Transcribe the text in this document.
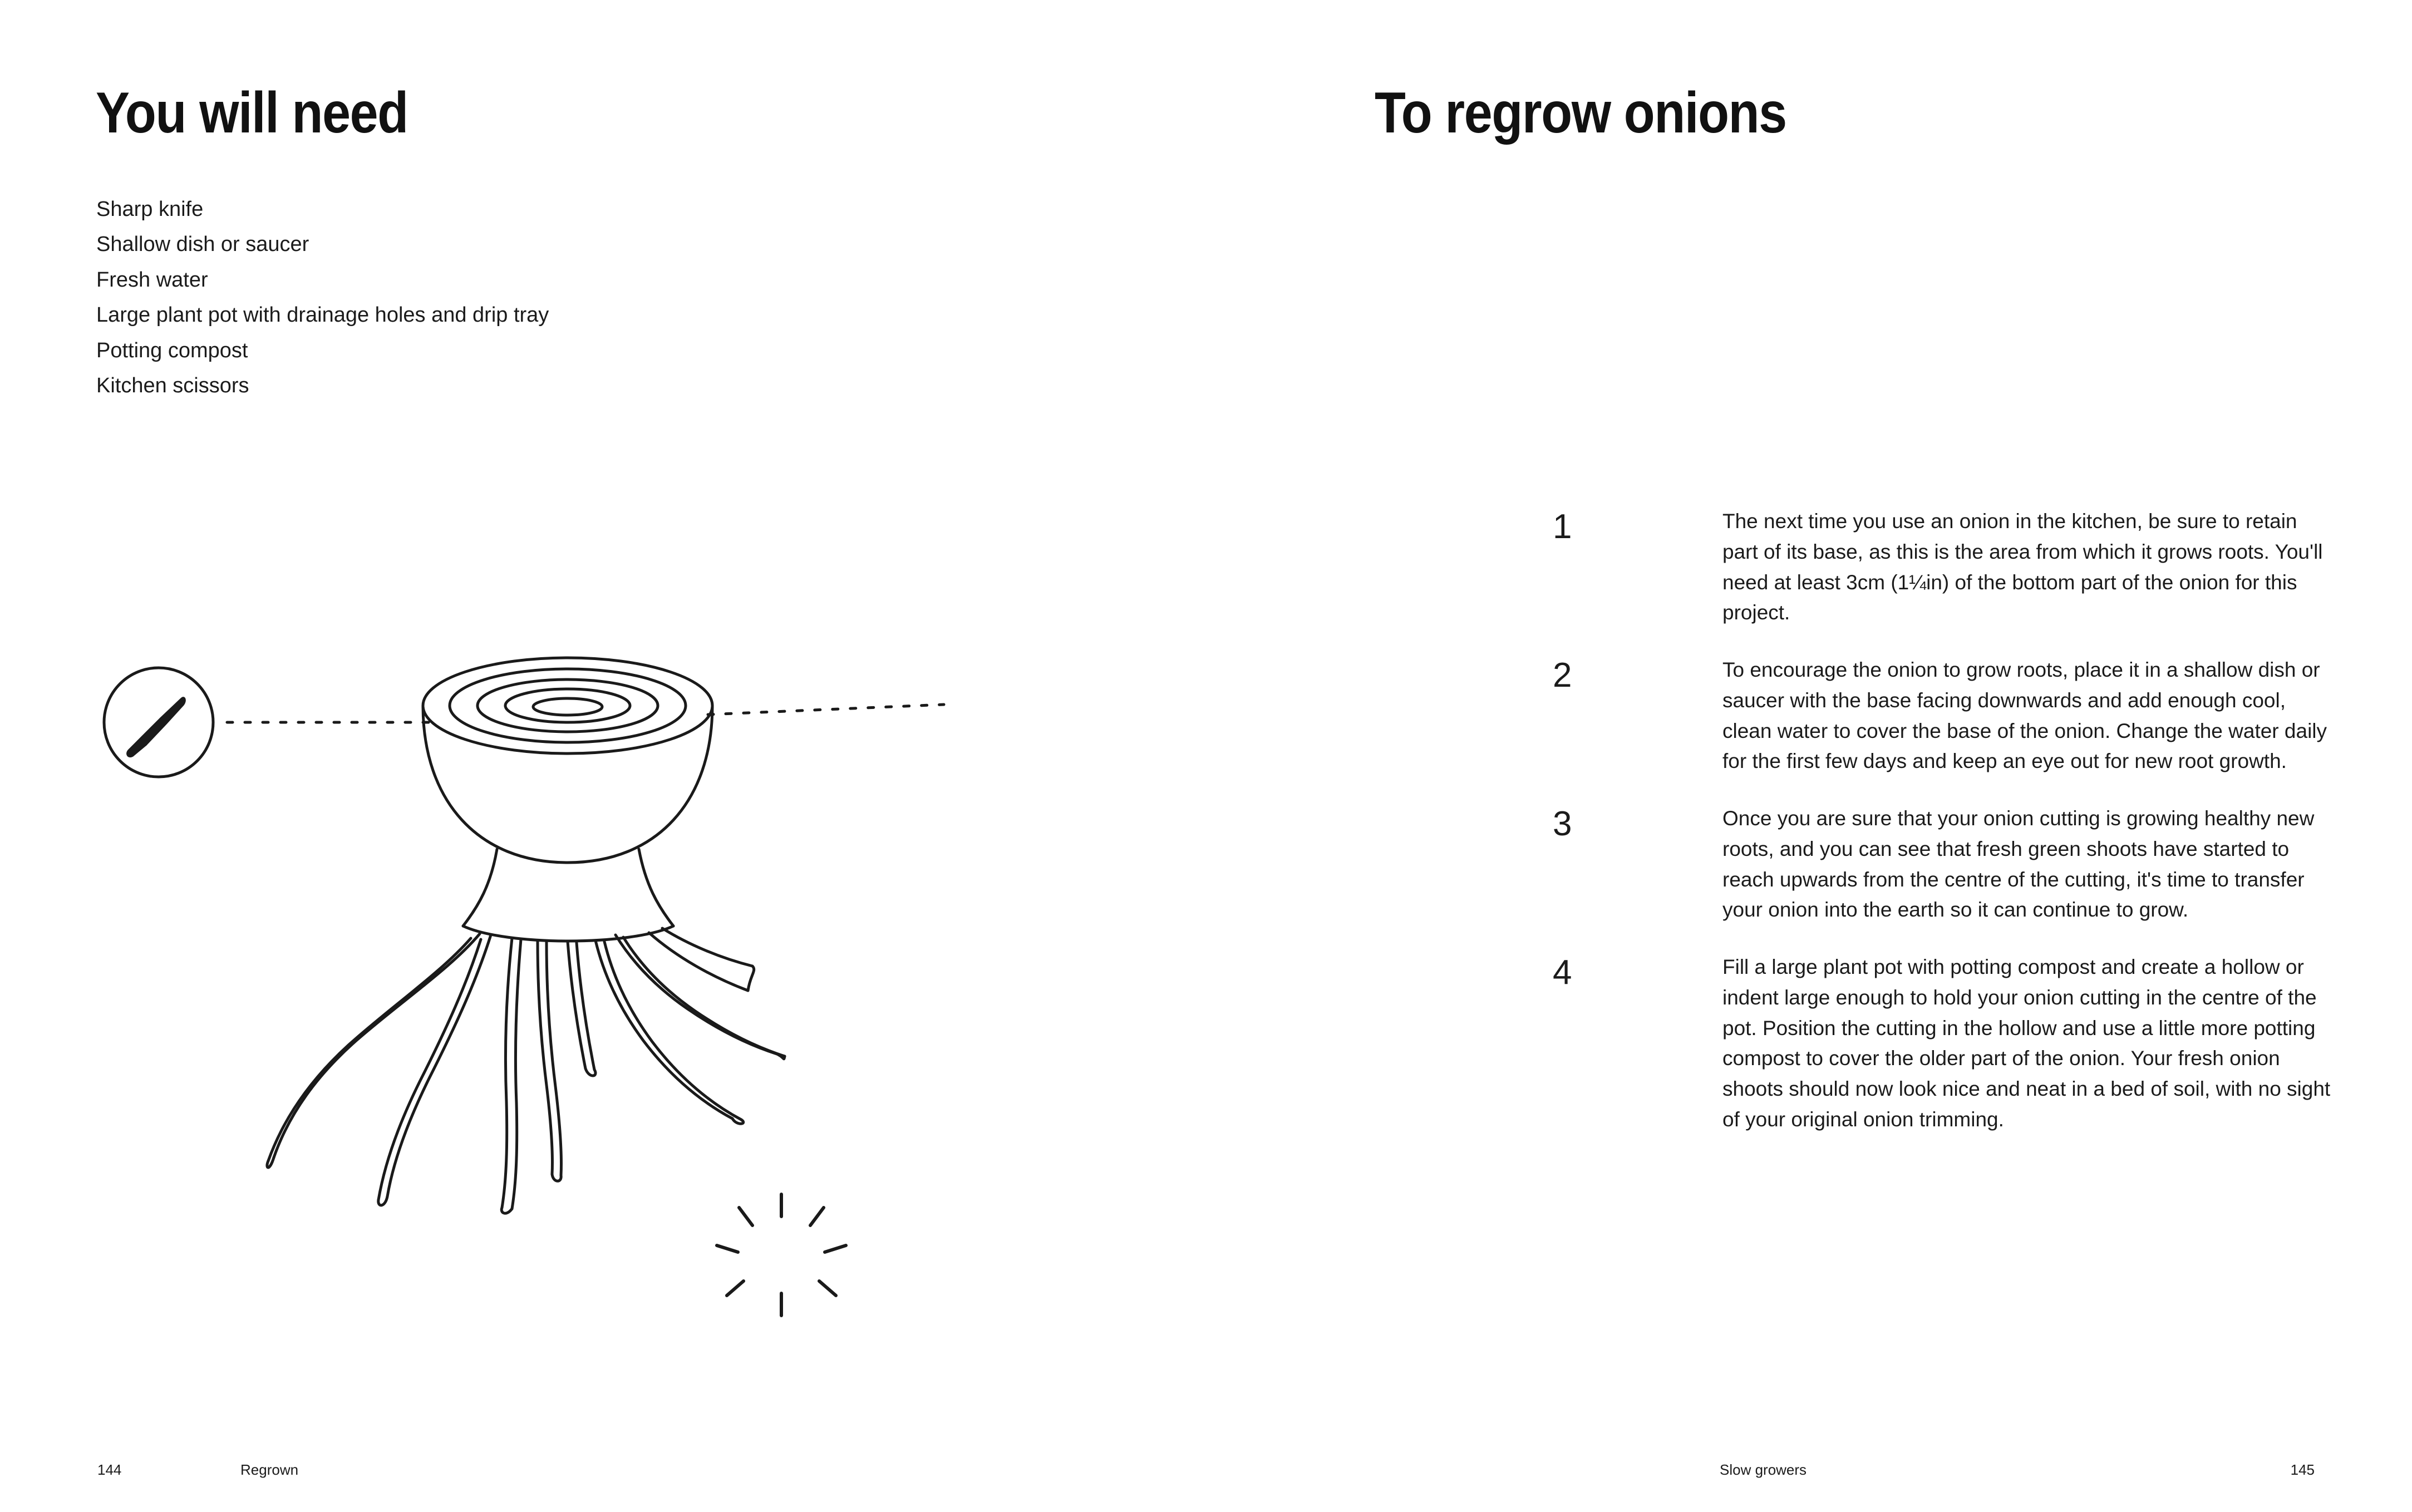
You will need
Sharp knife
Shallow dish or saucer
Fresh water
Large plant pot with drainage holes and drip tray
Potting compost
Kitchen scissors
144	Regrown
To regrow onions
1	The next time you use an onion in the kitchen, be sure to retain part of its base, as this is the area from which it grows roots. You'll need at least 3cm (1¼in) of the bottom part of the onion for this project.
2	To encourage the onion to grow roots, place it in a shallow dish or saucer with the base facing downwards and add enough cool, clean water to cover the base of the onion. Change the water daily for the first few days and keep an eye out for new root growth.
3	Once you are sure that your onion cutting is growing healthy new roots, and you can see that fresh green shoots have started to reach upwards from the centre of the cutting, it's time to transfer your onion into the earth so it can continue to grow.
4	Fill a large plant pot with potting compost and create a hollow or indent large enough to hold your onion cutting in the centre of the pot. Position the cutting in the hollow and use a little more potting compost to cover the older part of the onion. Your fresh onion shoots should now look nice and neat in a bed of soil, with no sight of your original onion trimming.
Slow growers	145
